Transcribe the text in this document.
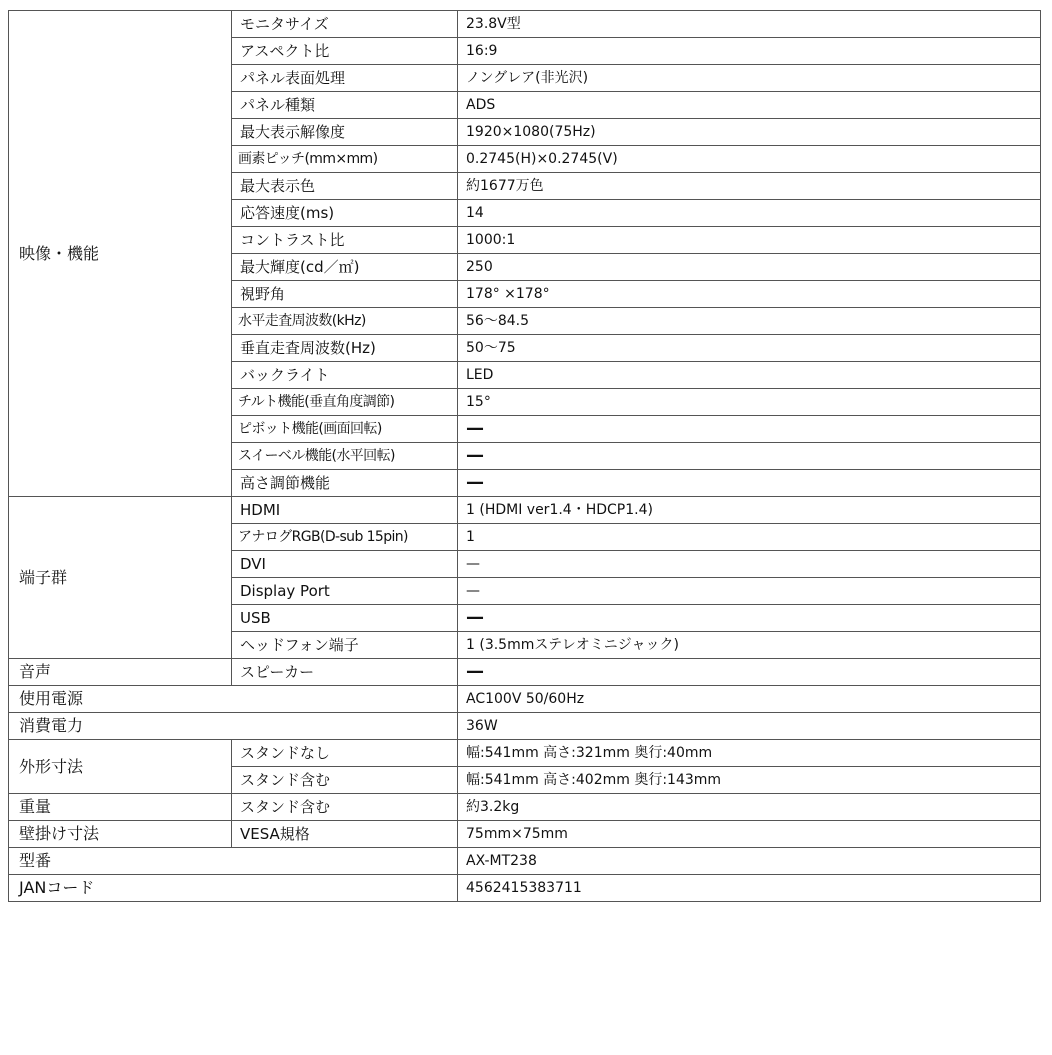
映像・機能	モニタサイズ	23.8V型
	アスペクト比	16:9
	パネル表面処理	ノングレア(非光沢)
	パネル種類	ADS
	最大表示解像度	1920×1080(75Hz)
	画素ピッチ(mm×mm)	0.2745(H)×0.2745(V)
	最大表示色	約1677万色
	応答速度(ms)	14
	コントラスト比	1000:1
	最大輝度(cd／㎡)	250
	視野角	178° ×178°
	水平走査周波数(kHz)	56～84.5
	垂直走査周波数(Hz)	50～75
	バックライト	LED
	チルト機能(垂直角度調節)	15°
	ピボット機能(画面回転)	—
	スイーベル機能(水平回転)	—
	高さ調節機能	—
端子群	HDMI	1 (HDMI ver1.4・HDCP1.4)
	アナログRGB(D-sub 15pin)	1
	DVI	—
	Display Port	—
	USB	—
	ヘッドフォン端子	1 (3.5mmステレオミニジャック)
音声	スピーカー	—
使用電源		AC100V 50/60Hz
消費電力		36W
外形寸法	スタンドなし	幅:541mm 高さ:321mm 奥行:40mm
	スタンド含む	幅:541mm 高さ:402mm 奥行:143mm
重量	スタンド含む	約3.2kg
壁掛け寸法	VESA規格	75mm×75mm
型番		AX-MT238
JANコード		4562415383711
